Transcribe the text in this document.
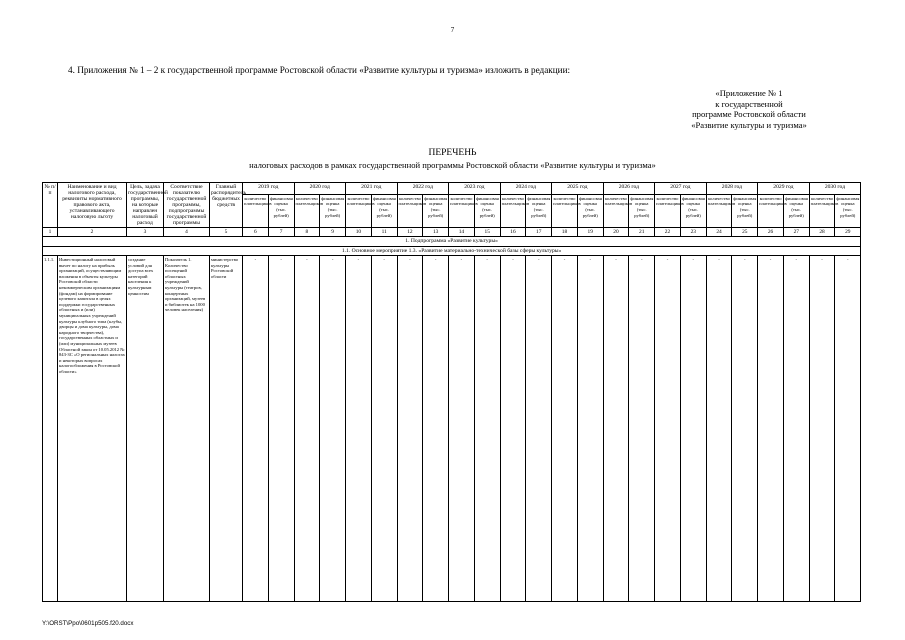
7
4. Приложения № 1 – 2 к государственной программе Ростовской области «Развитие культуры и туризма» изложить в редакции:
«Приложение № 1
к государственной
программе Ростовской области
«Развитие культуры и туризма»
ПЕРЕЧЕНЬ
налоговых расходов в рамках государственной программы Ростовской области «Развитие культуры и туризма»
№ п/п	Наименование и вид налогового расхода, реквизиты нормативного правового акта, устанавливающего налоговую льготу	Цель, задача государственной программы, на которые направлен налоговый расход	Соответствие показателю государственной программы, подпрограммы государственной программы	Главный распорядитель бюджетных средств	2019 год		2020 год		2021 год		2022 год		2023 год		2024 год		2025 год		2026 год		2027 год		2028 год		2029 год		2030 год	
					количество плательщиков	финансовая оценка (тыс. рублей)	количество плательщиков	финансовая оценка (тыс. рублей)	количество плательщиков	финансовая оценка (тыс. рублей)	количество плательщиков	финансовая оценка (тыс. рублей)	количество плательщиков	финансовая оценка (тыс. рублей)	количество плательщиков	финансовая оценка (тыс. рублей)	количество плательщиков	финансовая оценка (тыс. рублей)	количество плательщиков	финансовая оценка (тыс. рублей)	количество плательщиков	финансовая оценка (тыс. рублей)	количество плательщиков	финансовая оценка (тыс. рублей)	количество плательщиков	финансовая оценка (тыс. рублей)	количество плательщиков	финансовая оценка (тыс. рублей)
1	2	3	4	5	6	7	8	9	10	11	12	13	14	15	16	17	18	19	20	21	22	23	24	25	26	27	28	29
1. Подпрограмма «Развитие культуры»																												
1.1. Основное мероприятие 1.3. «Развитие материально-технической базы сферы культуры»																												
1.1.1.	Инвестиционный налоговый вычет по налогу на прибыль организаций, осуществляющим вложения в объекты культуры Ростовской области некоммерческим организациям (фондам) на формирование целевого капитала в целях поддержки государственных областных и (или) муниципальных учреждений культуры клубного типа (клубы, дворцы и дома культуры, дома народного творчества), государственных областных и (или) муниципальных музеев Областной закон от 10.05.2012 № 843-ЗС «О региональных налогах и некоторых вопросах налогообложения в Ростовской области»	создание условий для доступа всех категорий населения к культурным ценностям	Показатель 1. Количество посещений областных учреждений культуры (театров, концертных организаций, музеев и библиотек на 1000 человек населения)	министерство культуры Ростовской области	-	-	-	-	-	-	-	-	-	-	-	-	-	-	-	-	-	-	-	-	-	-	-	-
Y:\ORST\Ppo\0601p505.f20.docx
